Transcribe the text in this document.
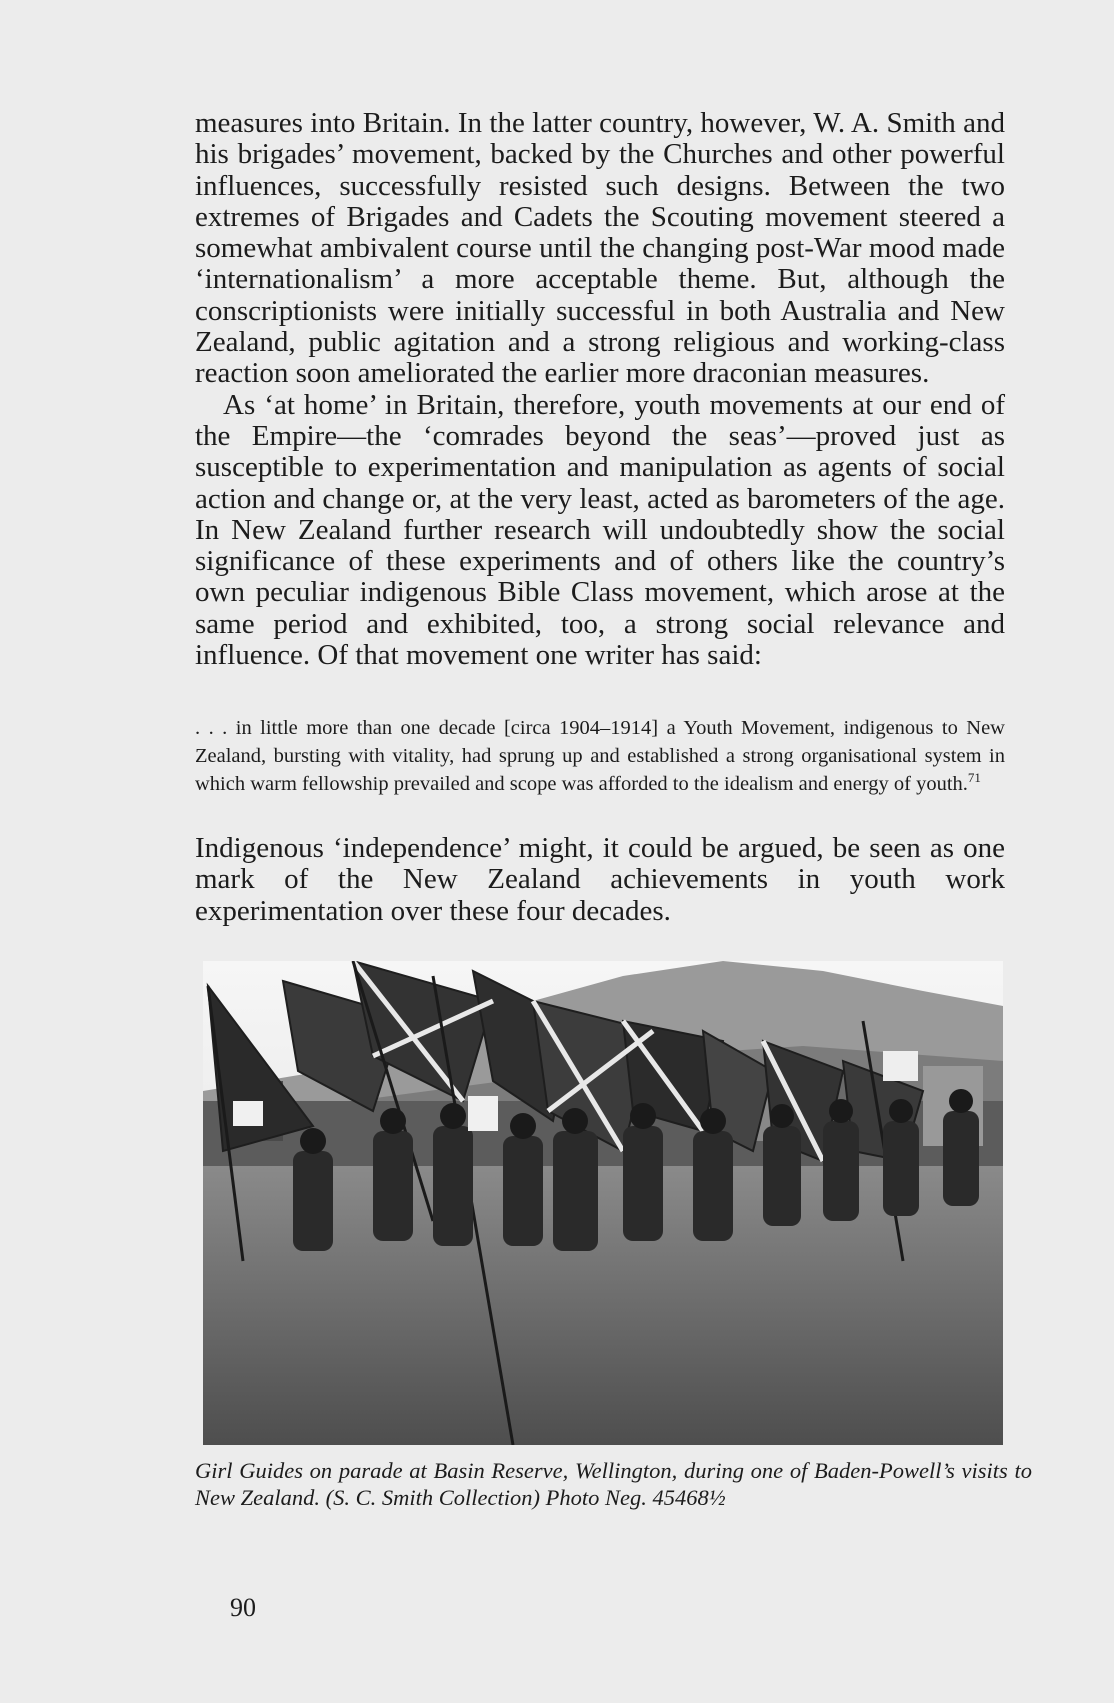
measures into Britain. In the latter country, however, W. A. Smith and his brigades’ movement, backed by the Churches and other powerful influences, successfully resisted such designs. Between the two extremes of Brigades and Cadets the Scouting movement steered a somewhat ambivalent course until the changing post-War mood made ‘internationalism’ a more acceptable theme. But, although the conscriptionists were initially successful in both Australia and New Zealand, public agitation and a strong religious and working-class reaction soon ameliorated the earlier more draconian measures.

As ‘at home’ in Britain, therefore, youth movements at our end of the Empire—the ‘comrades beyond the seas’—proved just as susceptible to experimentation and manipulation as agents of social action and change or, at the very least, acted as barometers of the age. In New Zealand further research will undoubtedly show the social significance of these experiments and of others like the country’s own peculiar indigenous Bible Class movement, which arose at the same period and exhibited, too, a strong social relevance and influence. Of that movement one writer has said:

. . . in little more than one decade [circa 1904–1914] a Youth Movement, indigenous to New Zealand, bursting with vitality, had sprung up and established a strong organisational system in which warm fellowship prevailed and scope was afforded to the idealism and energy of youth.$^{71}$

Indigenous ‘independence’ might, it could be argued, be seen as one mark of the New Zealand achievements in youth work experimentation over these four decades.

Girl Guides on parade at Basin Reserve, Wellington, during one of Baden-Powell’s visits to New Zealand. (S. C. Smith Collection) Photo Neg. 45468½

90
